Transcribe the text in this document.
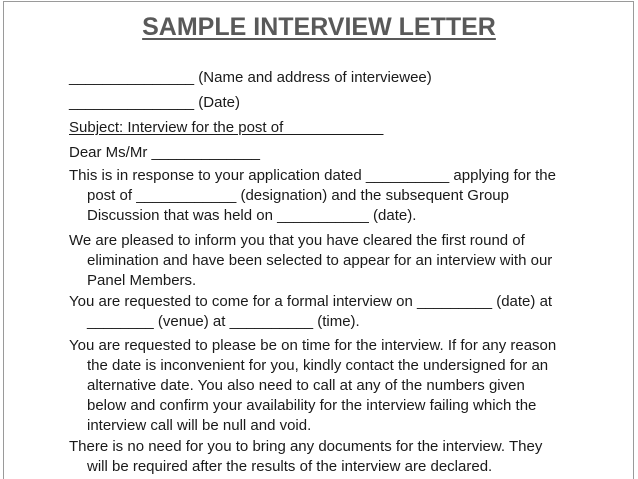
SAMPLE INTERVIEW LETTER
_______________ (Name and address of interviewee)
_______________ (Date)
Subject: Interview for the post of____________
Dear Ms/Mr _____________
This is in response to your application dated __________ applying for the
post of ____________ (designation) and the subsequent Group
Discussion that was held on ___________ (date).
We are pleased to inform you that you have cleared the first round of
elimination and have been selected to appear for an interview with our
Panel Members.
You are requested to come for a formal interview on _________ (date) at
________ (venue) at __________ (time).
You are requested to please be on time for the interview. If for any reason
the date is inconvenient for you, kindly contact the undersigned for an
alternative date. You also need to call at any of the numbers given
below and confirm your availability for the interview failing which the
interview call will be null and void.
There is no need for you to bring any documents for the interview. They
will be required after the results of the interview are declared.
